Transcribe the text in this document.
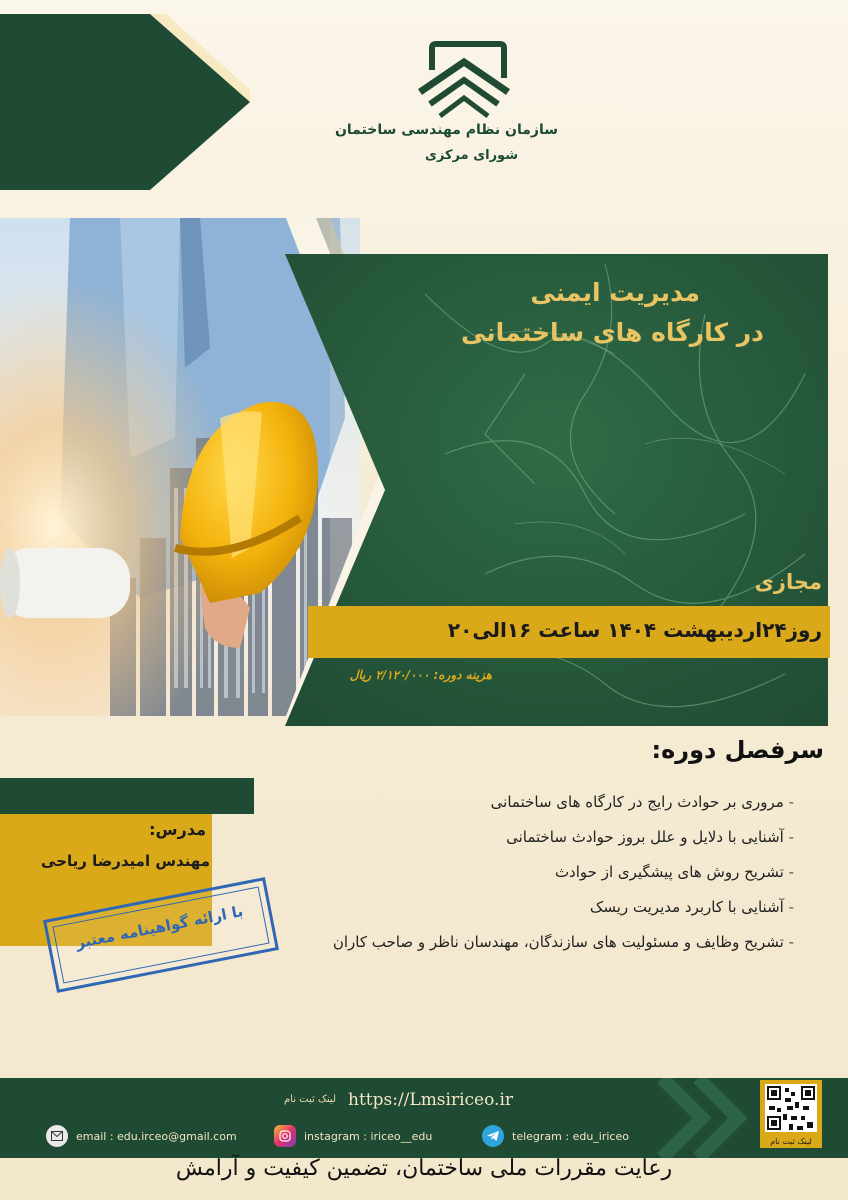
سازمان نظام مهندسی ساختمان
شورای مرکزی
مدیریت ایمنی
در کارگاه های ساختمانی
مجازی
روز۲۴اردیبهشت ۱۴۰۴ ساعت ۱۶الی۲۰
هزینه دوره: ۲/۱۲۰/۰۰۰ ریال
سرفصل دوره:
- مروری بر حوادث رایج در کارگاه های ساختمانی
- آشنایی با دلایل و علل بروز حوادث ساختمانی
- تشریح روش های پیشگیری از حوادث
- آشنایی با کاربرد مدیریت ریسک
- تشریح وظایف و مسئولیت های سازندگان، مهندسان ناظر و صاحب کاران
مدرس:
مهندس امیدرضا ریاحی
با ارائه گواهینامه معتبر
https://Lmsiriceo.ir
لینک ثبت نام
email : edu.irceo@gmail.com	instagram : iriceo__edu	telegram : edu_iriceo	لینک ثبت نام
رعایت مقررات ملی ساختمان، تضمین کیفیت و آرامش
